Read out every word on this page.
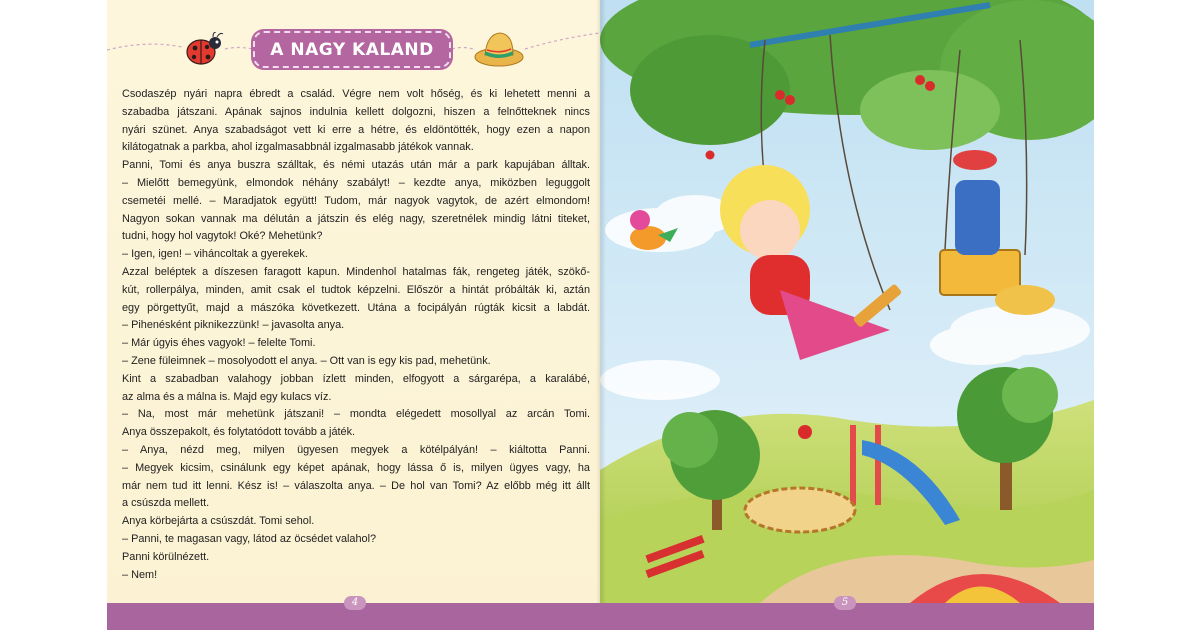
A NAGY KALAND

Csodaszép nyári napra ébredt a család. Végre nem volt hőség, és ki lehetett menni a

szabadba játszani. Apának sajnos indulnia kellett dolgozni, hiszen a felnőtteknek nincs

nyári szünet. Anya szabadságot vett ki erre a hétre, és eldöntötték, hogy ezen a napon

kilátogatnak a parkba, ahol izgalmasabbnál izgalmasabb játékok vannak.

Panni, Tomi és anya buszra szálltak, és némi utazás után már a park kapujában álltak.

– Mielőtt bemegyünk, elmondok néhány szabályt! – kezdte anya, miközben leguggolt

csemetéi mellé. – Maradjatok együtt! Tudom, már nagyok vagytok, de azért elmondom!

Nagyon sokan vannak ma délután a játszin és elég nagy, szeretnélek mindig látni titeket,

tudni, hogy hol vagytok! Oké? Mehetünk?

– Igen, igen! – viháncoltak a gyerekek.

Azzal beléptek a díszesen faragott kapun. Mindenhol hatalmas fák, rengeteg játék, szökő-

kút, rollerpálya, minden, amit csak el tudtok képzelni. Először a hintát próbálták ki, aztán

egy pörgettyűt, majd a mászóka következett. Utána a focipályán rúgták kicsit a labdát.

– Pihenésként piknikezzünk! – javasolta anya.

– Már úgyis éhes vagyok! – felelte Tomi.

– Zene füleimnek – mosolyodott el anya. – Ott van is egy kis pad, mehetünk.

Kint a szabadban valahogy jobban ízlett minden, elfogyott a sárgarépa, a karalábé,

az alma és a málna is. Majd egy kulacs víz.

– Na, most már mehetünk játszani! – mondta elégedett mosollyal az arcán Tomi.

Anya összepakolt, és folytatódott tovább a játék.

– Anya, nézd meg, milyen ügyesen megyek a kötélpályán! – kiáltotta Panni.

– Megyek kicsim, csinálunk egy képet apának, hogy lássa ő is, milyen ügyes vagy, ha

már nem tud itt lenni. Kész is! – válaszolta anya. – De hol van Tomi? Az előbb még itt állt

a csúszda mellett.

Anya körbejárta a csúszdát. Tomi sehol.

– Panni, te magasan vagy, látod az öcsédet valahol?

Panni körülnézett.

– Nem!

4	5
